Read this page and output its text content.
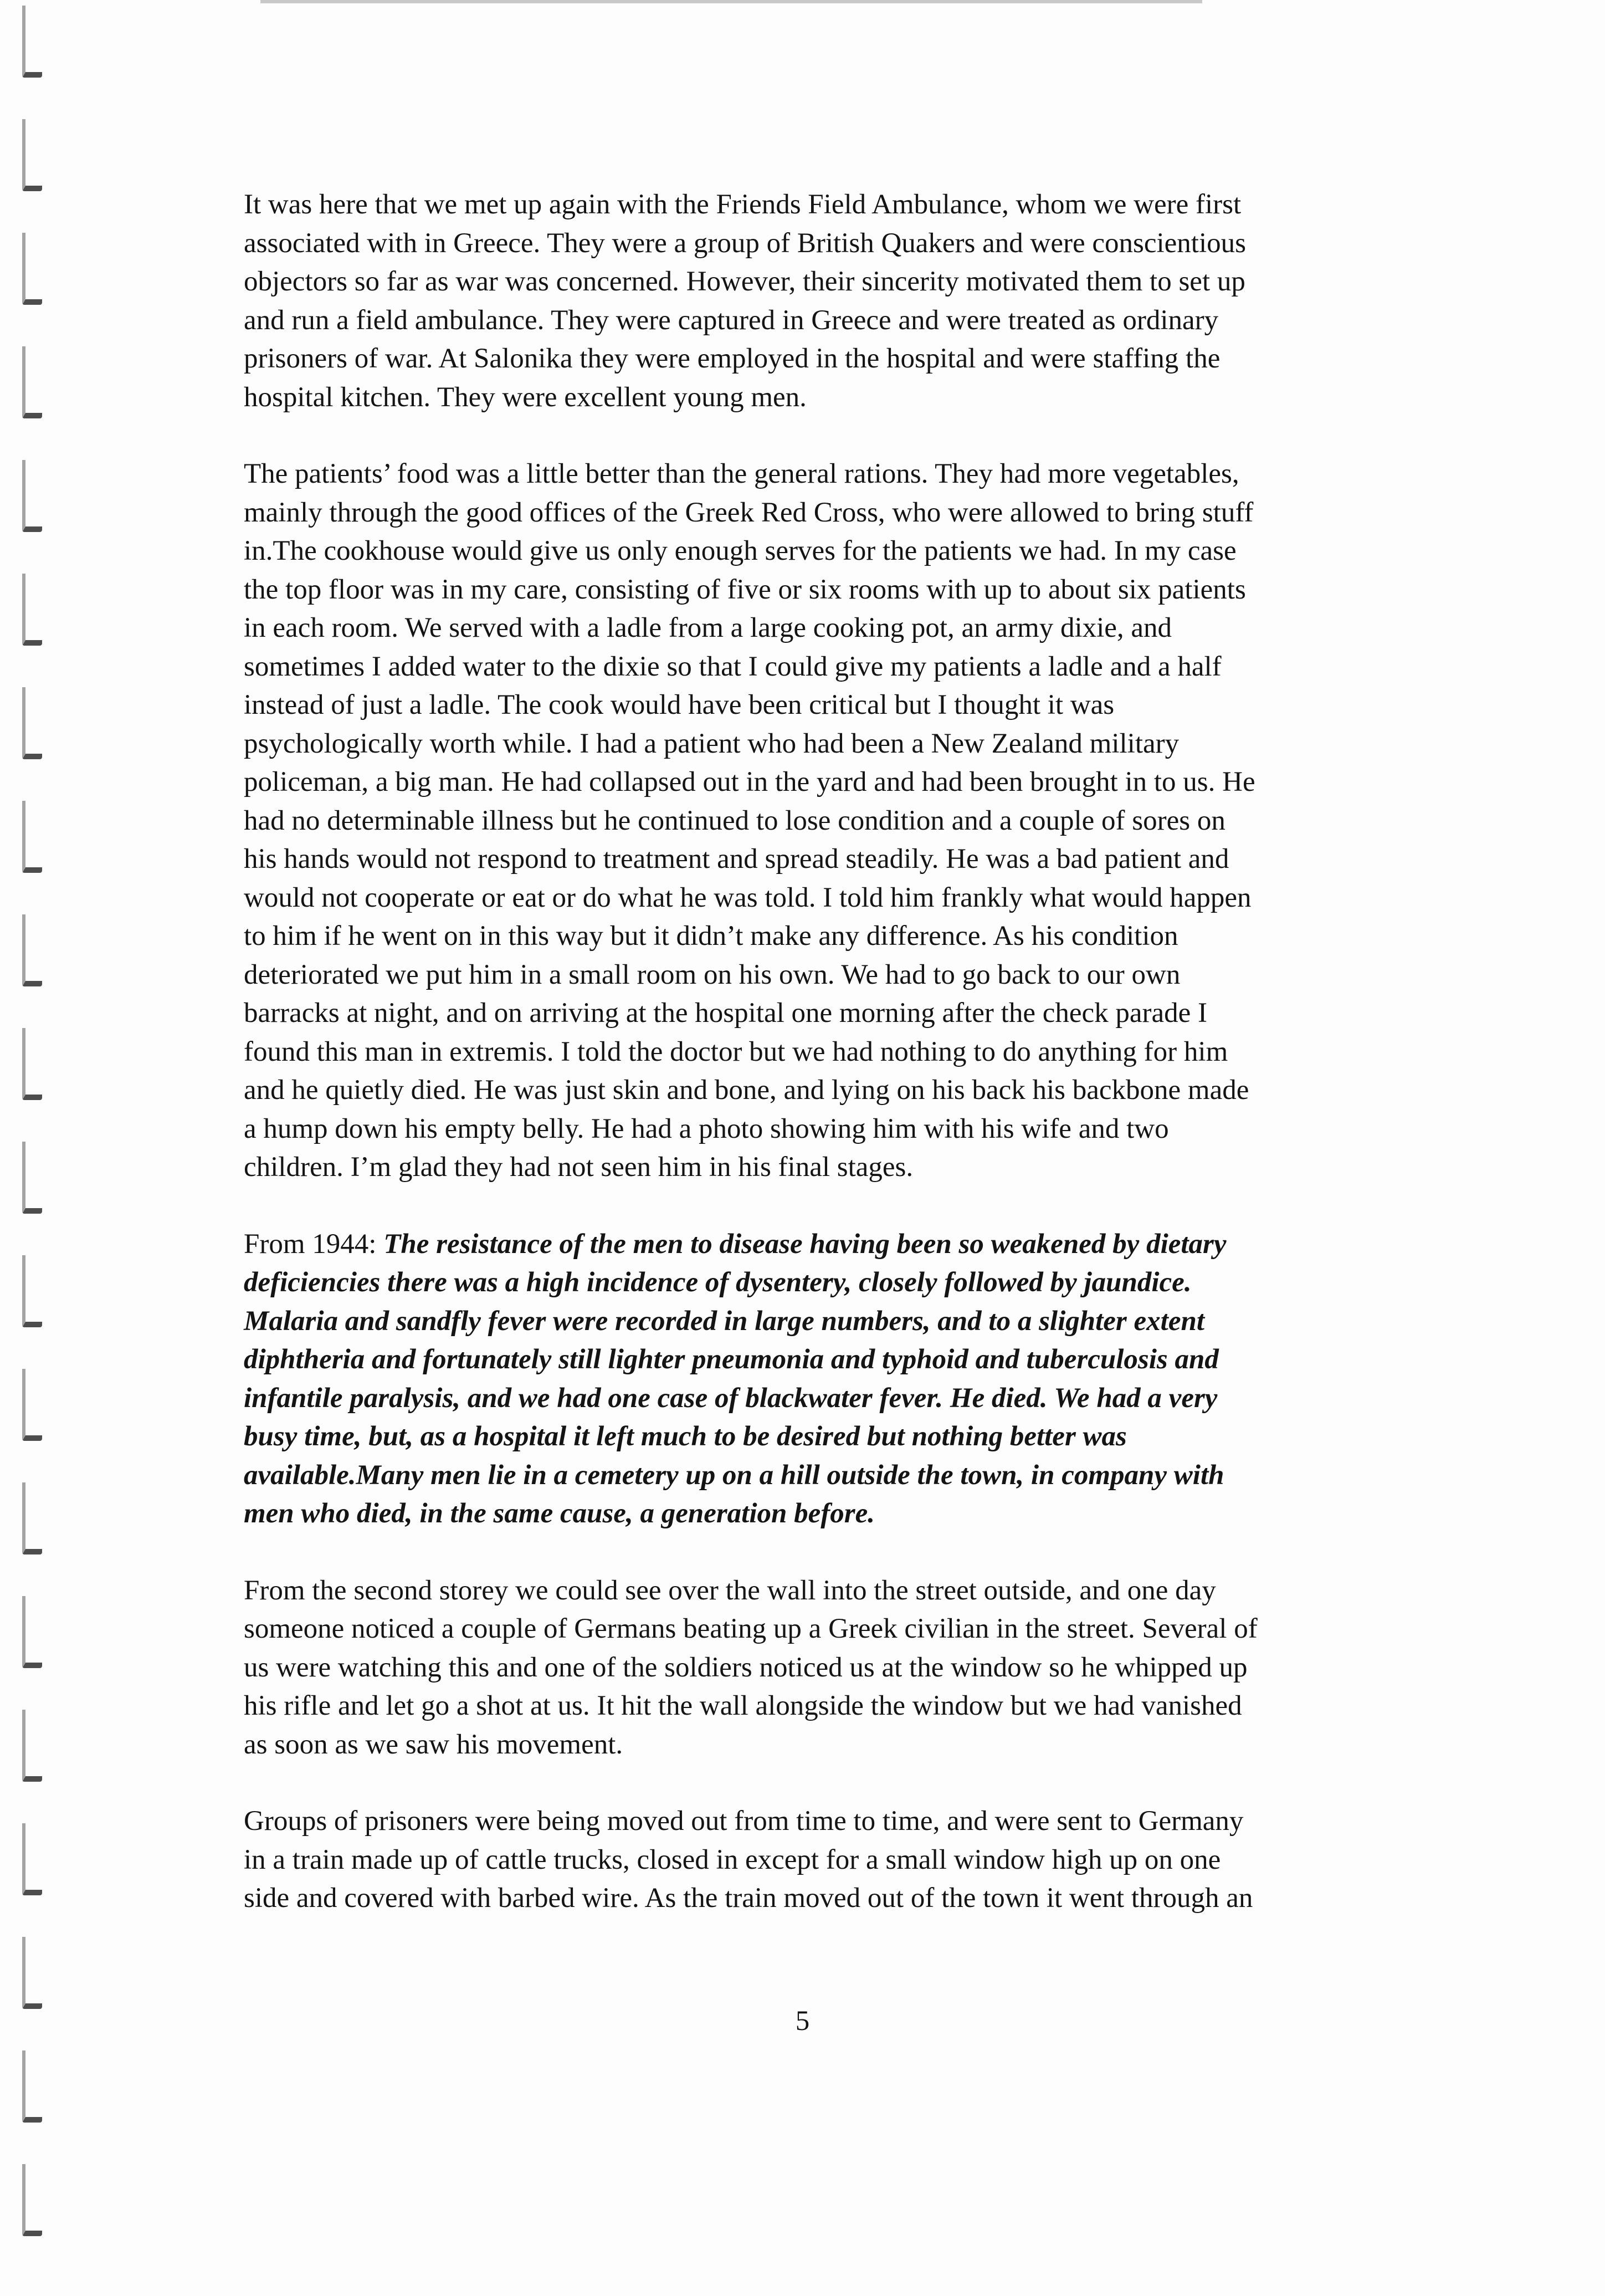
It was here that we met up again with the Friends Field Ambulance, whom we were first
associated with in Greece. They were a group of British Quakers and were conscientious
objectors so far as war was concerned. However, their sincerity motivated them to set up
and run a field ambulance. They were captured in Greece and were treated as ordinary
prisoners of war. At Salonika they were employed in the hospital and were staffing the
hospital kitchen. They were excellent young men.

The patients’ food was a little better than the general rations. They had more vegetables,
mainly through the good offices of the Greek Red Cross, who were allowed to bring stuff
in.The cookhouse would give us only enough serves for the patients we had. In my case
the top floor was in my care, consisting of five or six rooms with up to about six patients
in each room. We served with a ladle from a large cooking pot, an army dixie, and
sometimes I added water to the dixie so that I could give my patients a ladle and a half
instead of just a ladle. The cook would have been critical but I thought it was
psychologically worth while. I had a patient who had been a New Zealand military
policeman, a big man. He had collapsed out in the yard and had been brought in to us. He
had no determinable illness but he continued to lose condition and a couple of sores on
his hands would not respond to treatment and spread steadily. He was a bad patient and
would not cooperate or eat or do what he was told. I told him frankly what would happen
to him if he went on in this way but it didn’t make any difference. As his condition
deteriorated we put him in a small room on his own. We had to go back to our own
barracks at night, and on arriving at the hospital one morning after the check parade I
found this man in extremis. I told the doctor but we had nothing to do anything for him
and he quietly died. He was just skin and bone, and lying on his back his backbone made
a hump down his empty belly. He had a photo showing him with his wife and two
children. I’m glad they had not seen him in his final stages.

From 1944: The resistance of the men to disease having been so weakened by dietary
deficiencies there was a high incidence of dysentery, closely followed by jaundice.
Malaria and sandfly fever were recorded in large numbers, and to a slighter extent
diphtheria and fortunately still lighter pneumonia and typhoid and tuberculosis and
infantile paralysis, and we had one case of blackwater fever. He died. We had a very
busy time, but, as a hospital it left much to be desired but nothing better was
available.Many men lie in a cemetery up on a hill outside the town, in company with
men who died, in the same cause, a generation before.

From the second storey we could see over the wall into the street outside, and one day
someone noticed a couple of Germans beating up a Greek civilian in the street. Several of
us were watching this and one of the soldiers noticed us at the window so he whipped up
his rifle and let go a shot at us. It hit the wall alongside the window but we had vanished
as soon as we saw his movement.

Groups of prisoners were being moved out from time to time, and were sent to Germany
in a train made up of cattle trucks, closed in except for a small window high up on one
side and covered with barbed wire. As the train moved out of the town it went through an

5
